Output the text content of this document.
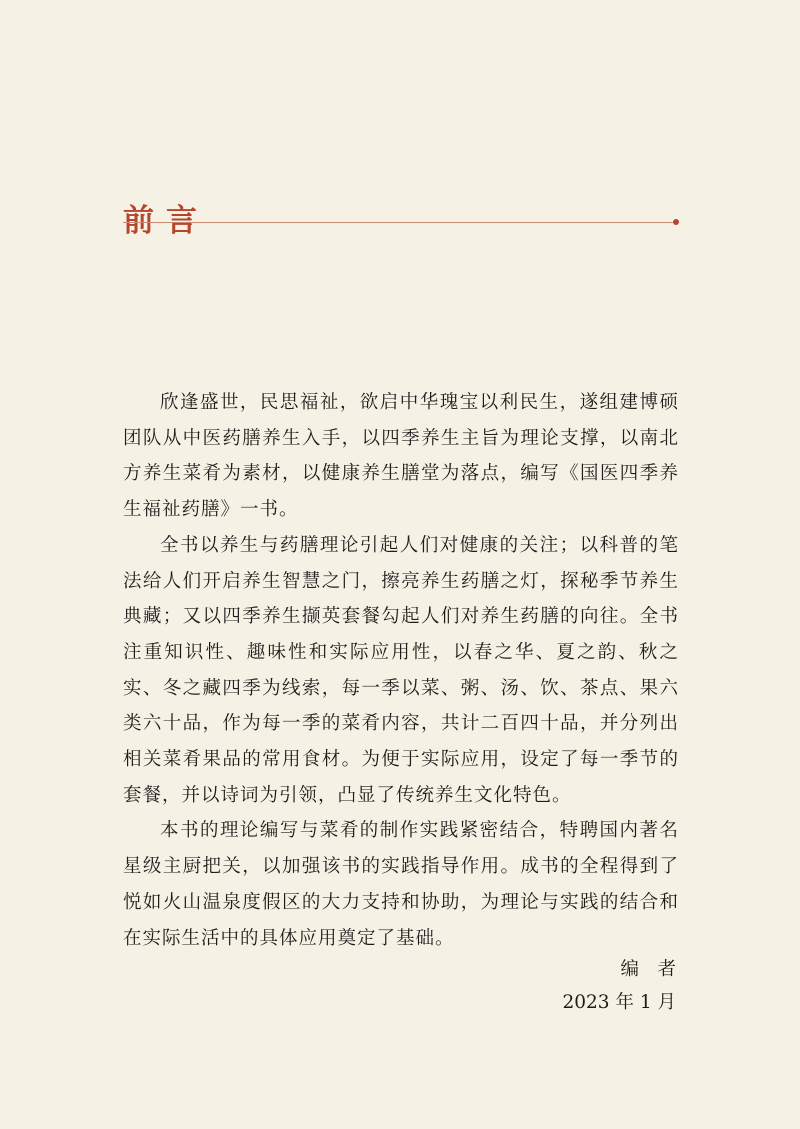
前言

欣逢盛世，民思福祉，欲启中华瑰宝以利民生，遂组建博硕团队从中医药膳养生入手，以四季养生主旨为理论支撑，以南北方养生菜肴为素材，以健康养生膳堂为落点，编写《国医四季养生福祉药膳》一书。

全书以养生与药膳理论引起人们对健康的关注；以科普的笔法给人们开启养生智慧之门，擦亮养生药膳之灯，探秘季节养生典藏；又以四季养生撷英套餐勾起人们对养生药膳的向往。全书注重知识性、趣味性和实际应用性，以春之华、夏之韵、秋之实、冬之藏四季为线索，每一季以菜、粥、汤、饮、茶点、果六类六十品，作为每一季的菜肴内容，共计二百四十品，并分列出相关菜肴果品的常用食材。为便于实际应用，设定了每一季节的套餐，并以诗词为引领，凸显了传统养生文化特色。

本书的理论编写与菜肴的制作实践紧密结合，特聘国内著名星级主厨把关，以加强该书的实践指导作用。成书的全程得到了悦如火山温泉度假区的大力支持和协助，为理论与实践的结合和在实际生活中的具体应用奠定了基础。

编　者
2023 年 1 月
